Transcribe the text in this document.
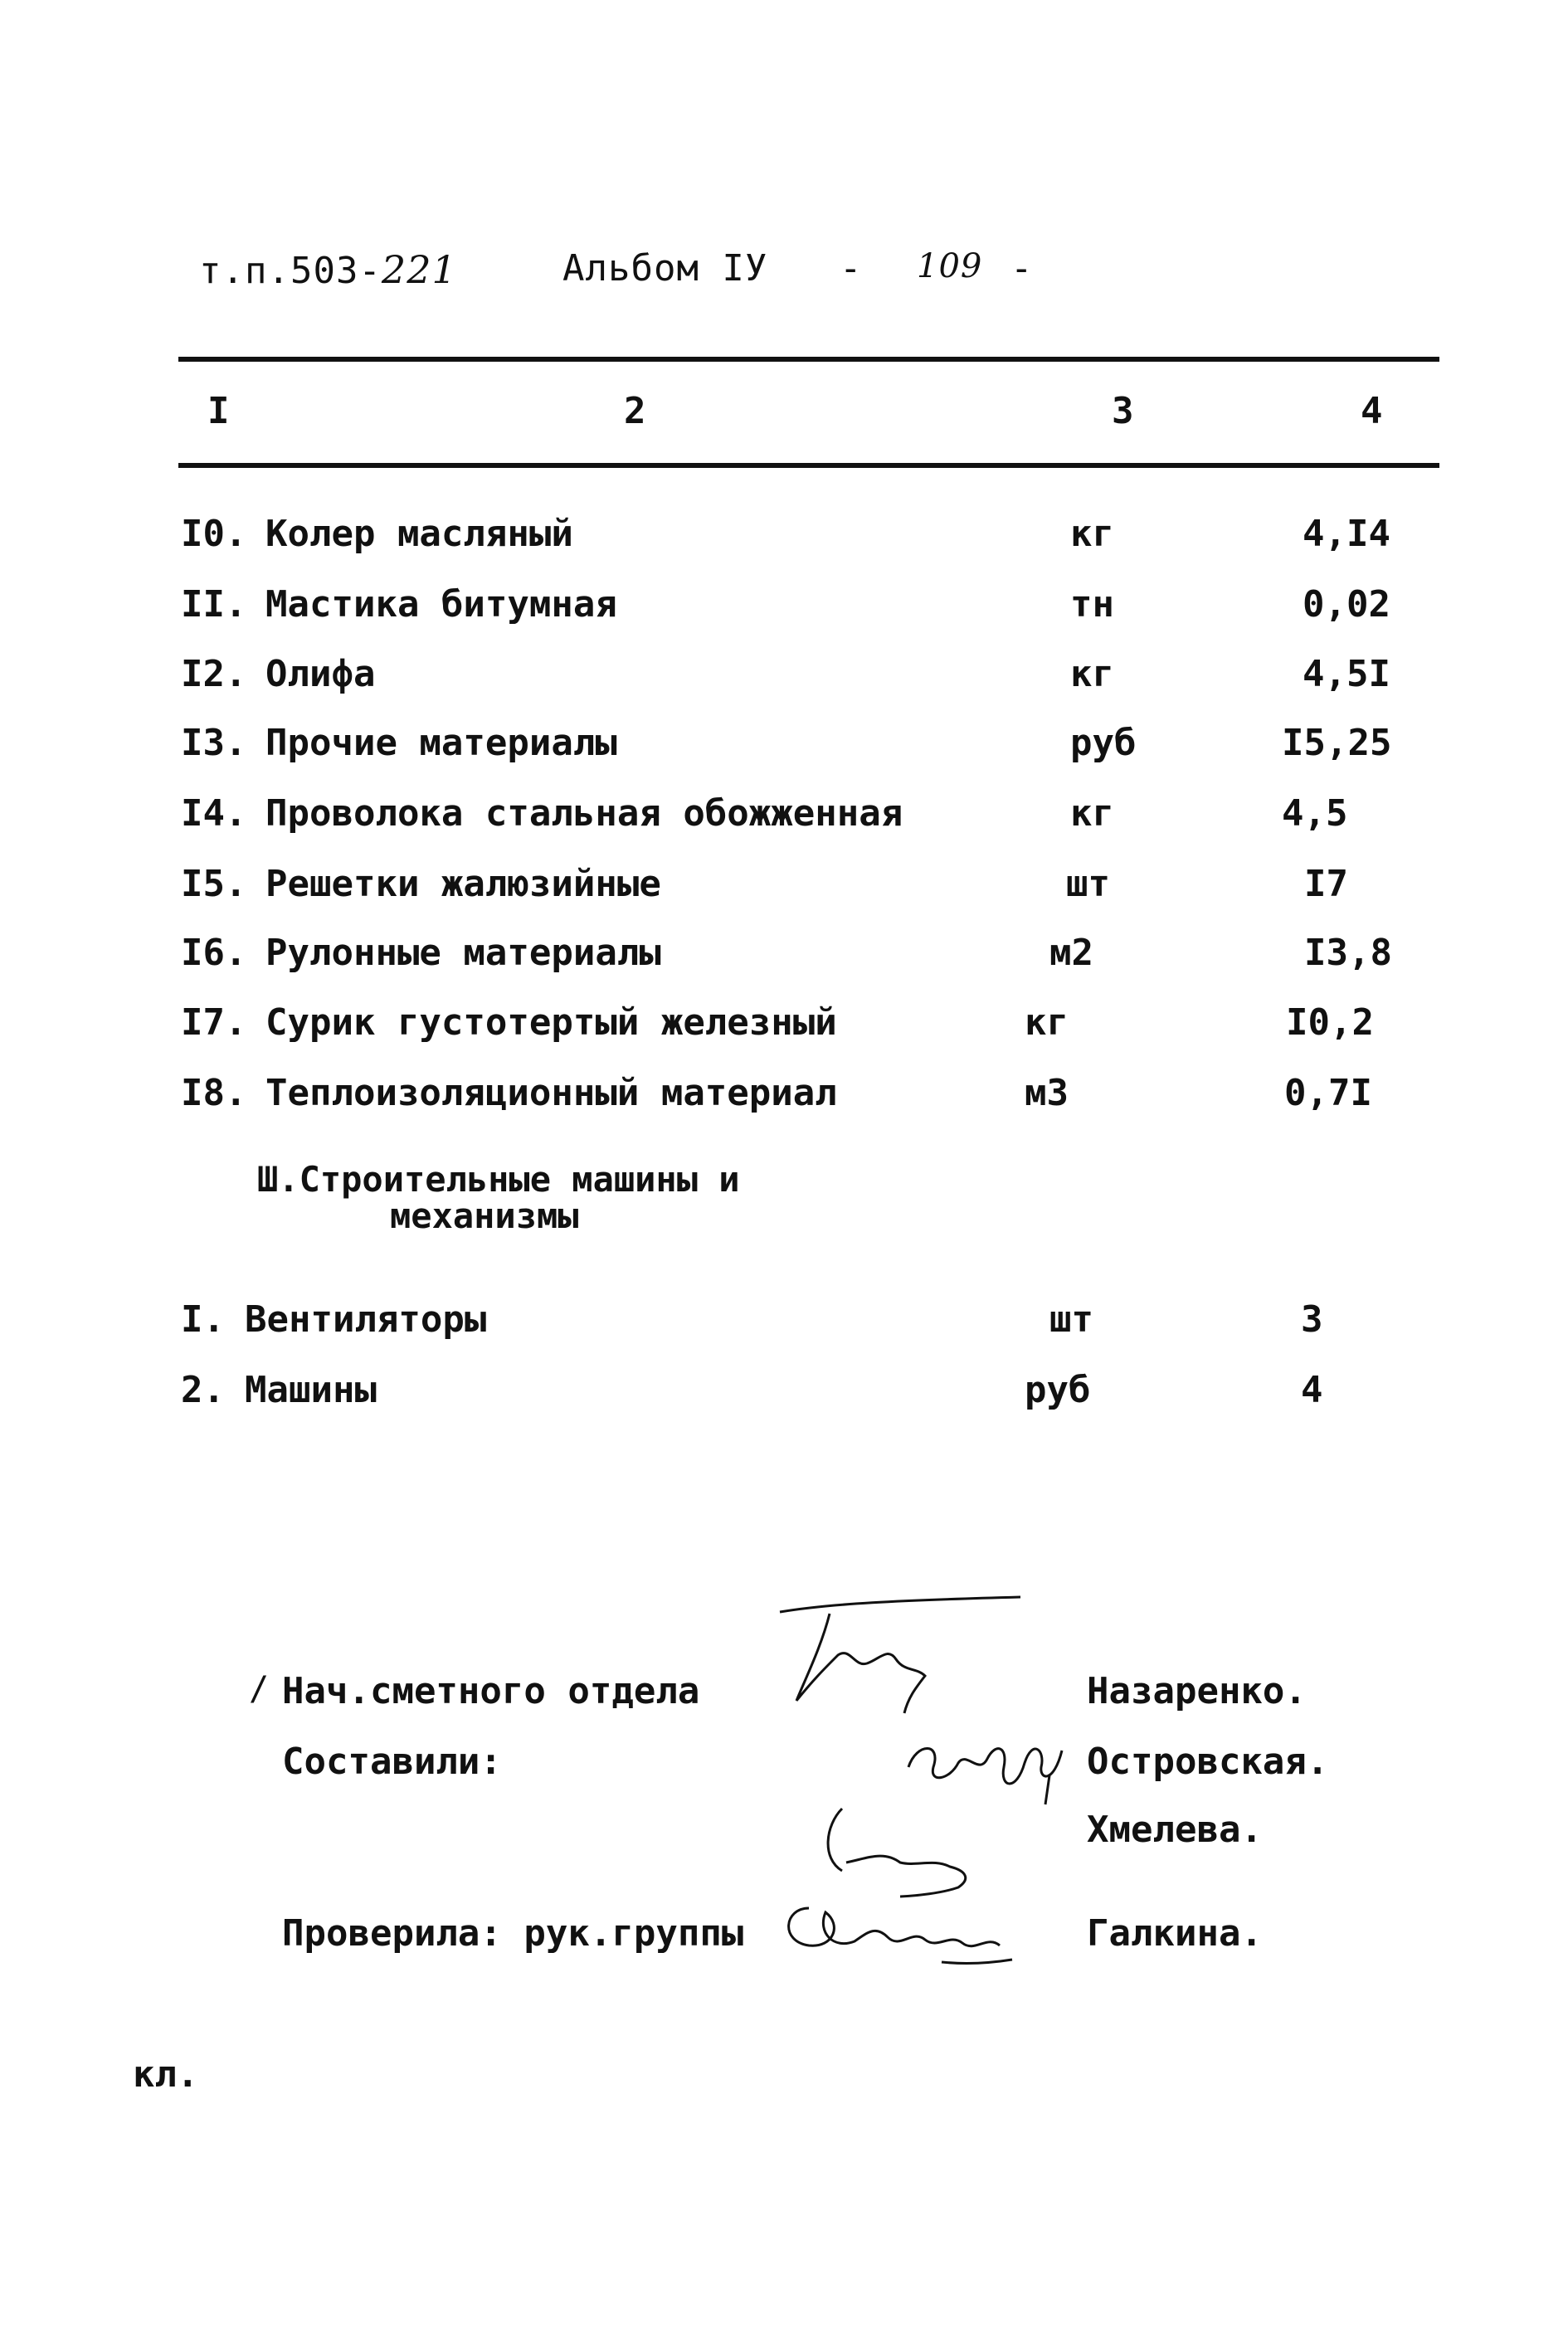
т.п.503-221	Альбом IУ - 109 -
I	2	3	4
I0. Колер масляный	кг	4,I4
II. Мастика битумная	тн	0,02
I2. Олифа	кг	4,5I
I3. Прочие материалы	руб	I5,25
I4. Проволока стальная обожженная	кг	4,5
I5. Решетки жалюзийные	шт	I7
I6. Рулонные материалы	м2	I3,8
I7. Сурик густотертый железный	кг	I0,2
I8. Теплоизоляционный материал	м3	0,7I
Ш.Строительные машины и
механизмы
I. Вентиляторы	шт	3
2. Машины	руб	4
/ Нач.сметного отдела	Назаренко.
Составили:	Островская.
Хмелева.
Проверила: рук.группы	Галкина.
кл.
